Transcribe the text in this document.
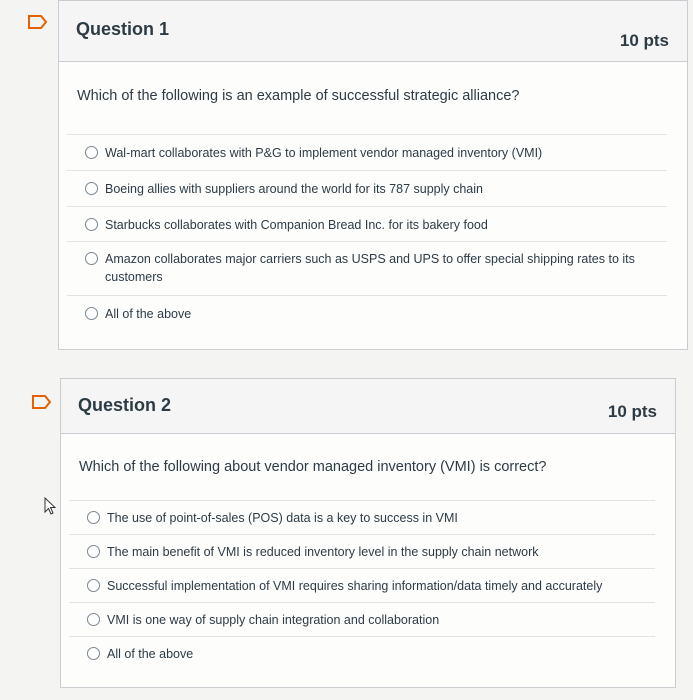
Question 1
10 pts
Which of the following is an example of successful strategic alliance?
Wal-mart collaborates with P&G to implement vendor managed inventory (VMI)
Boeing allies with suppliers around the world for its 787 supply chain
Starbucks collaborates with Companion Bread Inc. for its bakery food
Amazon collaborates major carriers such as USPS and UPS to offer special shipping rates to its customers
All of the above
Question 2	10 pts
Which of the following about vendor managed inventory (VMI) is correct?
The use of point-of-sales (POS) data is a key to success in VMI
The main benefit of VMI is reduced inventory level in the supply chain network
Successful implementation of VMI requires sharing information/data timely and accurately
VMI is one way of supply chain integration and collaboration
All of the above
